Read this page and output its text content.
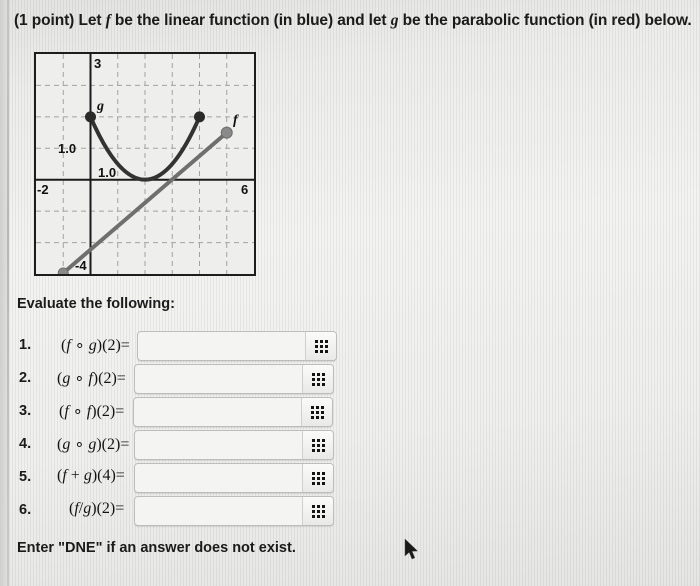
(1 point) Let f be the linear function (in blue) and let g be the parabolic function (in red) below.
3
g
f
1.0
1.0
-2	6
-4
Evaluate the following:
1. (f ∘ g)(2)=
2. (g ∘ f)(2)=
3. (f ∘ f)(2)=
4. (g ∘ g)(2)=
5. (f + g)(4)=
6. (f/g)(2)=
Enter "DNE" if an answer does not exist.
